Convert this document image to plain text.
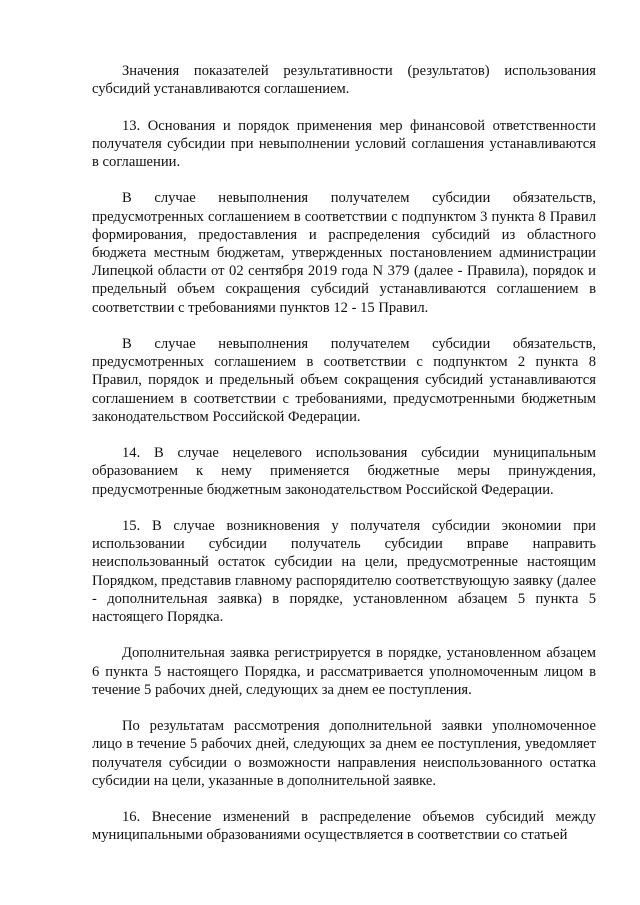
Значения показателей результативности (результатов) использования субсидий устанавливаются соглашением.

13. Основания и порядок применения мер финансовой ответственности получателя субсидии при невыполнении условий соглашения устанавливаются в соглашении.

В случае невыполнения получателем субсидии обязательств, предусмотренных соглашением в соответствии с подпунктом 3 пункта 8 Правил формирования, предоставления и распределения субсидий из областного бюджета местным бюджетам, утвержденных постановлением администрации Липецкой области от 02 сентября 2019 года N 379 (далее - Правила), порядок и предельный объем сокращения субсидий устанавливаются соглашением в соответствии с требованиями пунктов 12 - 15 Правил.

В случае невыполнения получателем субсидии обязательств, предусмотренных соглашением в соответствии с подпунктом 2 пункта 8 Правил, порядок и предельный объем сокращения субсидий устанавливаются соглашением в соответствии с требованиями, предусмотренными бюджетным законодательством Российской Федерации.

14. В случае нецелевого использования субсидии муниципальным образованием к нему применяется бюджетные меры принуждения, предусмотренные бюджетным законодательством Российской Федерации.

15. В случае возникновения у получателя субсидии экономии при использовании субсидии получатель субсидии вправе направить неиспользованный остаток субсидии на цели, предусмотренные настоящим Порядком, представив главному распорядителю соответствующую заявку (далее - дополнительная заявка) в порядке, установленном абзацем 5 пункта 5 настоящего Порядка.

Дополнительная заявка регистрируется в порядке, установленном абзацем 6 пункта 5 настоящего Порядка, и рассматривается уполномоченным лицом в течение 5 рабочих дней, следующих за днем ее поступления.

По результатам рассмотрения дополнительной заявки уполномоченное лицо в течение 5 рабочих дней, следующих за днем ее поступления, уведомляет получателя субсидии о возможности направления неиспользованного остатка субсидии на цели, указанные в дополнительной заявке.

16. Внесение изменений в распределение объемов субсидий между муниципальными образованиями осуществляется в соответствии со статьей
